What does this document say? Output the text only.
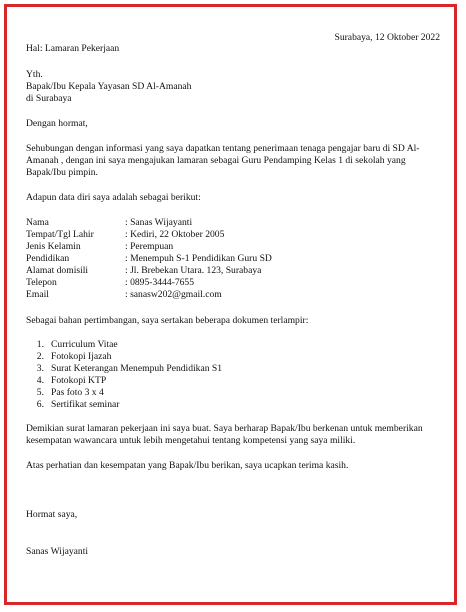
Surabaya, 12 Oktober 2022

Hal: Lamaran Pekerjaan

Yth.

Bapak/Ibu Kepala Yayasan SD Al-Amanah

di Surabaya

Dengan hormat,

Sehubungan dengan informasi yang saya dapatkan tentang penerimaan tenaga pengajar baru di SD Al-Amanah , dengan ini saya mengajukan lamaran sebagai Guru Pendamping Kelas 1 di sekolah yang Bapak/Ibu pimpin.

Adapun data diri saya adalah sebagai berikut:

Nama	: Sanas Wijayanti
Tempat/Tgl Lahir	: Kediri, 22 Oktober 2005
Jenis Kelamin	: Perempuan
Pendidikan	: Menempuh S-1 Pendidikan Guru SD
Alamat domisili	: Jl. Brebekan Utara. 123, Surabaya
Telepon	: 0895-3444-7655
Email	: sanasw202@gmail.com

Sebagai bahan pertimbangan, saya sertakan beberapa dokumen terlampir:

1. Curriculum Vitae
2. Fotokopi Ijazah
3. Surat Keterangan Menempuh Pendidikan S1
4. Fotokopi KTP
5. Pas foto 3 x 4
6. Sertifikat seminar

Demikian surat lamaran pekerjaan ini saya buat. Saya berharap Bapak/Ibu berkenan untuk memberikan kesempatan wawancara untuk lebih mengetahui tentang kompetensi yang saya miliki.

Atas perhatian dan kesempatan yang Bapak/Ibu berikan, saya ucapkan terima kasih.

Hormat saya,

Sanas Wijayanti
